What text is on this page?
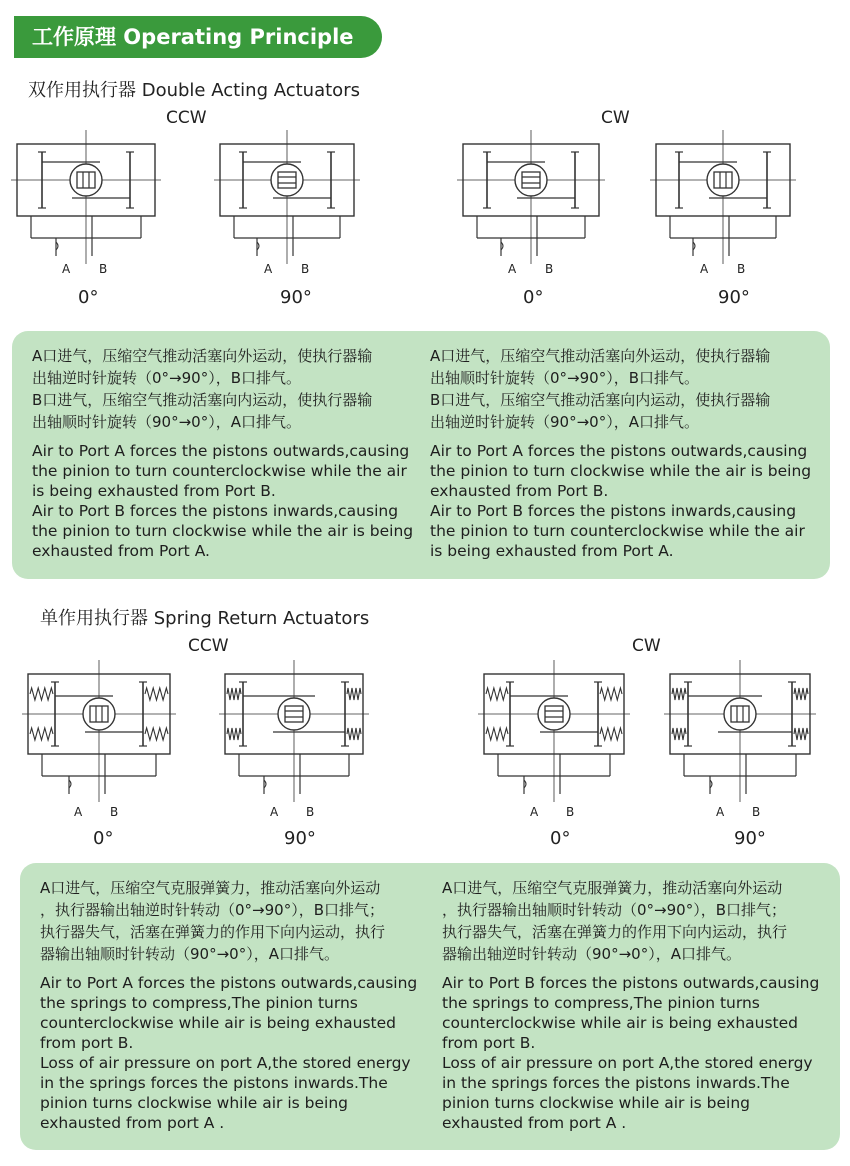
工作原理 Operating Principle
双作用执行器 Double Acting Actuators
CCW	CW
A B	A B	A B	A B
0°	90°	0°	90°
A口进气，压缩空气推动活塞向外运动，使执行器输
出轴逆时针旋转（0°→90°），B口排气。
B口进气，压缩空气推动活塞向内运动，使执行器输
出轴顺时针旋转（90°→0°），A口排气。
Air to Port A forces the pistons outwards,causing
the pinion to turn counterclockwise while the air
is being exhausted from Port B.
Air to Port B forces the pistons inwards,causing
the pinion to turn clockwise while the air is being
exhausted from Port A.
A口进气，压缩空气推动活塞向外运动，使执行器输
出轴顺时针旋转（0°→90°），B口排气。
B口进气，压缩空气推动活塞向内运动，使执行器输
出轴逆时针旋转（90°→0°），A口排气。
Air to Port A forces the pistons outwards,causing
the pinion to turn clockwise while the air is being
exhausted from Port B.
Air to Port B forces the pistons inwards,causing
the pinion to turn counterclockwise while the air
is being exhausted from Port A.
单作用执行器 Spring Return Actuators
CCW	CW
A B	A B	A B	A B
0°	90°	0°	90°
A口进气，压缩空气克服弹簧力，推动活塞向外运动
，执行器输出轴逆时针转动（0°→90°），B口排气；
执行器失气，活塞在弹簧力的作用下向内运动，执行
器输出轴顺时针转动（90°→0°），A口排气。
Air to Port A forces the pistons outwards,causing
the springs to compress,The pinion turns
counterclockwise while air is being exhausted
from port B.
Loss of air pressure on port A,the stored energy
in the springs forces the pistons inwards.The
pinion turns clockwise while air is being
exhausted from port A .
A口进气，压缩空气克服弹簧力，推动活塞向外运动
，执行器输出轴顺时针转动（0°→90°），B口排气；
执行器失气，活塞在弹簧力的作用下向内运动，执行
器输出轴逆时针转动（90°→0°），A口排气。
Air to Port B forces the pistons outwards,causing
the springs to compress,The pinion turns
counterclockwise while air is being exhausted
from port B.
Loss of air pressure on port A,the stored energy
in the springs forces the pistons inwards.The
pinion turns clockwise while air is being
exhausted from port A .
